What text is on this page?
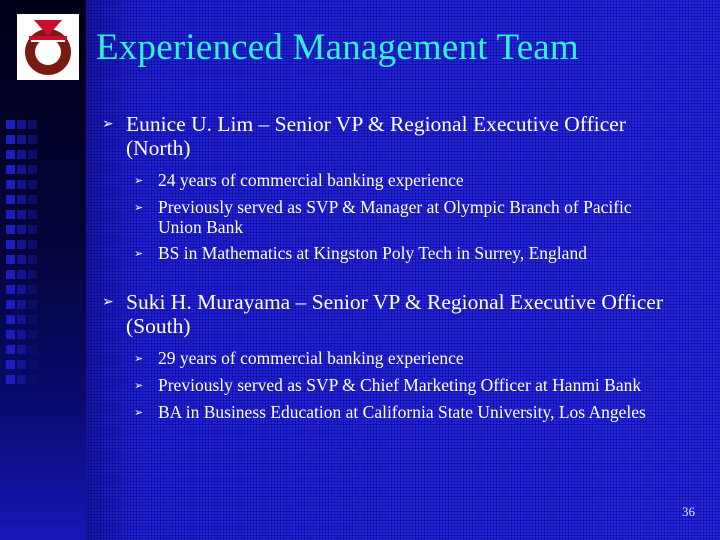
Experienced Management Team
➢ Eunice U. Lim – Senior VP & Regional Executive Officer (North)
➢ 24 years of commercial banking experience
➢ Previously served as SVP & Manager at Olympic Branch of Pacific Union Bank
➢ BS in Mathematics at Kingston Poly Tech in Surrey, England
➢ Suki H. Murayama – Senior VP & Regional Executive Officer (South)
➢ 29 years of commercial banking experience
➢ Previously served as SVP & Chief Marketing Officer at Hanmi Bank
➢ BA in Business Education at California State University, Los Angeles
36
